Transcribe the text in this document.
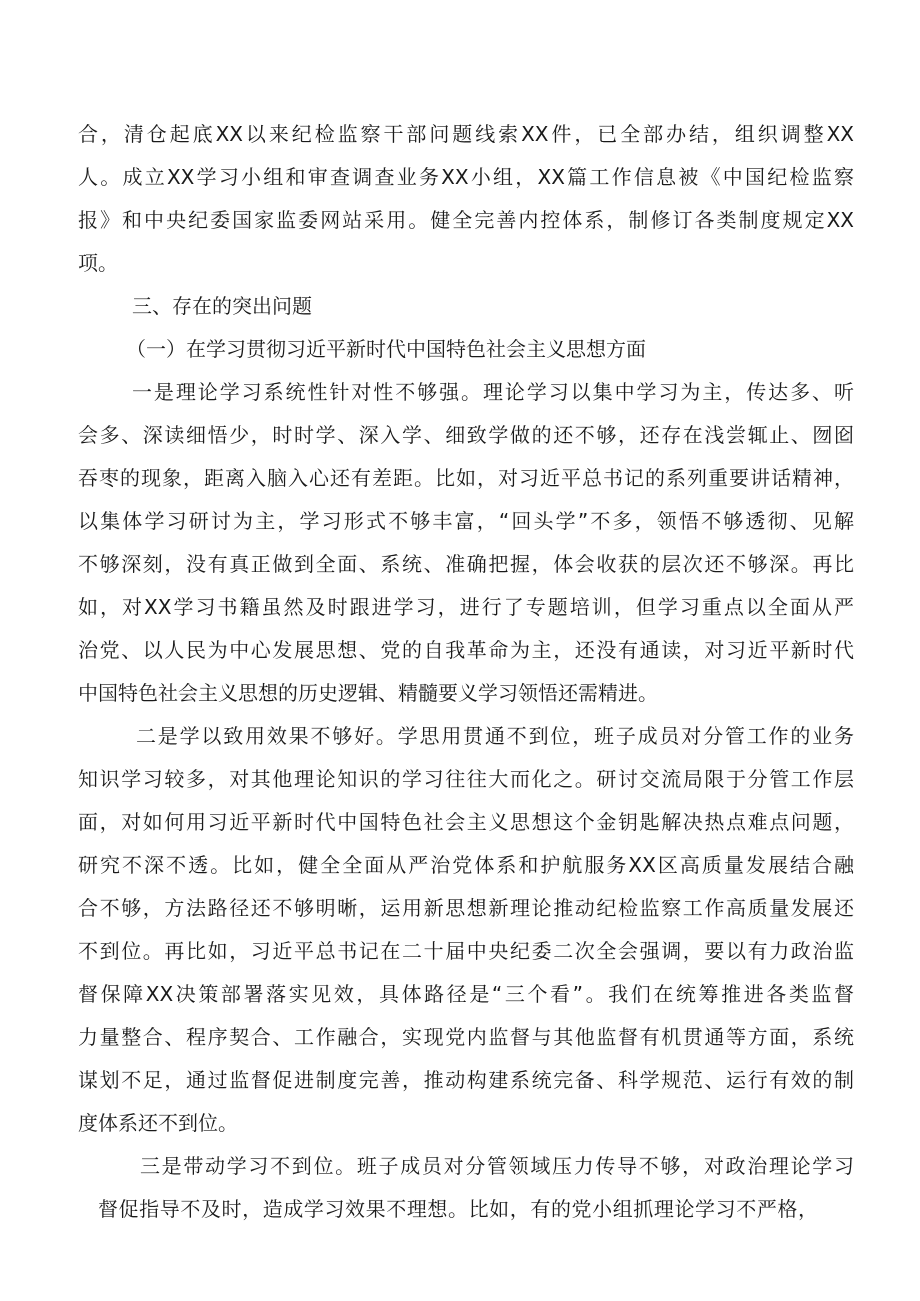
合，清仓起底XX以来纪检监察干部问题线索XX件，已全部办结，组织调整XX
人。成立XX学习小组和审查调查业务XX小组，XX篇工作信息被《中国纪检监察
报》和中央纪委国家监委网站采用。健全完善内控体系，制修订各类制度规定XX
项。
三、存在的突出问题
（一）在学习贯彻习近平新时代中国特色社会主义思想方面
一是理论学习系统性针对性不够强。理论学习以集中学习为主，传达多、听
会多、深读细悟少，时时学、深入学、细致学做的还不够，还存在浅尝辄止、囫囵
吞枣的现象，距离入脑入心还有差距。比如，对习近平总书记的系列重要讲话精神，
以集体学习研讨为主，学习形式不够丰富，“回头学”不多，领悟不够透彻、见解
不够深刻，没有真正做到全面、系统、准确把握，体会收获的层次还不够深。再比
如，对XX学习书籍虽然及时跟进学习，进行了专题培训，但学习重点以全面从严
治党、以人民为中心发展思想、党的自我革命为主，还没有通读，对习近平新时代
中国特色社会主义思想的历史逻辑、精髓要义学习领悟还需精进。
二是学以致用效果不够好。学思用贯通不到位，班子成员对分管工作的业务
知识学习较多，对其他理论知识的学习往往大而化之。研讨交流局限于分管工作层
面，对如何用习近平新时代中国特色社会主义思想这个金钥匙解决热点难点问题，
研究不深不透。比如，健全全面从严治党体系和护航服务XX区高质量发展结合融
合不够，方法路径还不够明晰，运用新思想新理论推动纪检监察工作高质量发展还
不到位。再比如，习近平总书记在二十届中央纪委二次全会强调，要以有力政治监
督保障XX决策部署落实见效，具体路径是“三个看”。我们在统筹推进各类监督
力量整合、程序契合、工作融合，实现党内监督与其他监督有机贯通等方面，系统
谋划不足，通过监督促进制度完善，推动构建系统完备、科学规范、运行有效的制
度体系还不到位。
三是带动学习不到位。班子成员对分管领域压力传导不够，对政治理论学习
督促指导不及时，造成学习效果不理想。比如，有的党小组抓理论学习不严格，
